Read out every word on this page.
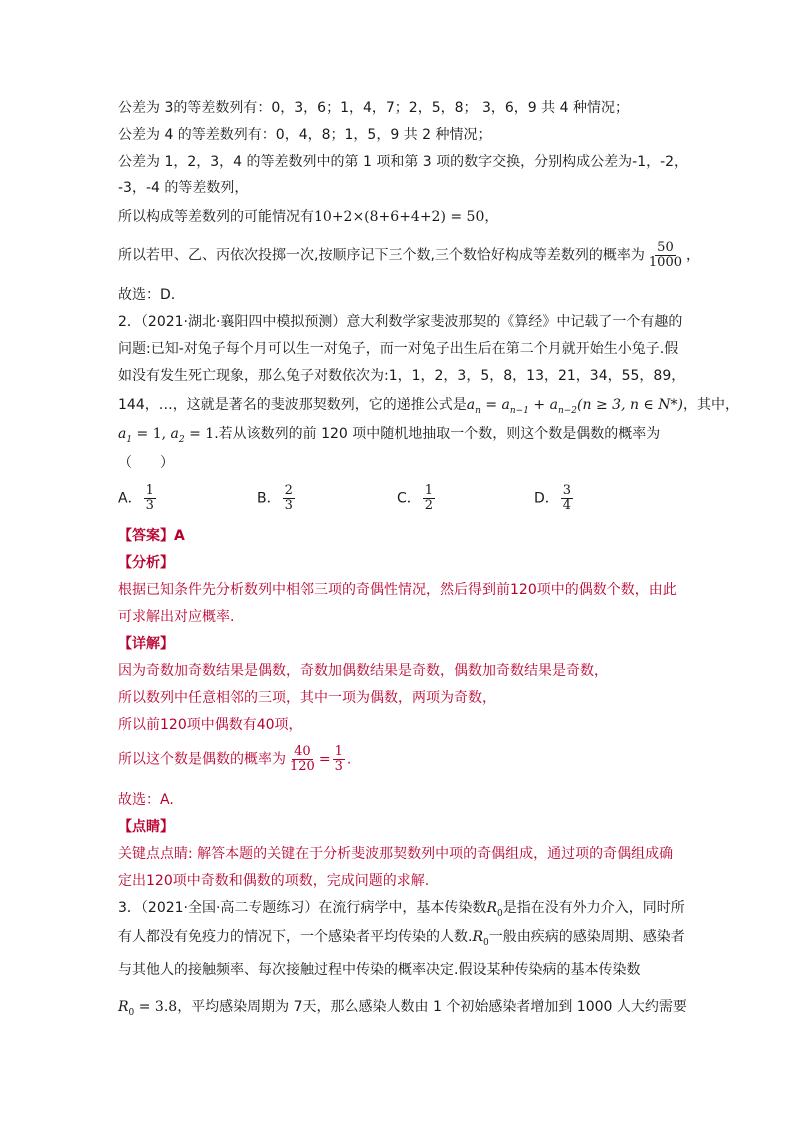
公差为 3的等差数列有：0，3，6；1，4，7；2，5，8； 3，6，9 共 4 种情况；
公差为 4 的等差数列有：0，4，8；1，5，9 共 2 种情况；
公差为 1，2，3，4 的等差数列中的第 1 项和第 3 项的数字交换，分别构成公差为-1，-2，
-3，-4 的等差数列，
所以构成等差数列的可能情况有10+2×(8+6+4+2) = 50，
所以若甲、乙、丙依次投掷一次,按顺序记下三个数,三个数恰好构成等差数列的概率为 $\frac{50}{1000}$ ，
故选：D.
2．（2021·湖北·襄阳四中模拟预测）意大利数学家斐波那契的《算经》中记载了一个有趣的
问题:已知-对兔子每个月可以生一对兔子，而一对兔子出生后在第二个月就开始生小兔子.假
如没有发生死亡现象，那么兔子对数依次为:1，1，2，3，5，8，13，21，34，55，89，
144，…，这就是著名的斐波那契数列，它的递推公式是$a_n = a_{n-1} + a_{n-2}(n \ge 3$, n ∈ N*)，其中，
$a_1 = 1$, $a_2 = 1$.若从该数列的前 120 项中随机地抽取一个数，则这个数是偶数的概率为
（　　）
A． $\frac{1}{3}$	B． $\frac{2}{3}$	C． $\frac{1}{2}$	D． $\frac{3}{4}$
【答案】A
【分析】
根据已知条件先分析数列中相邻三项的奇偶性情况，然后得到前120项中的偶数个数，由此
可求解出对应概率.
【详解】
因为奇数加奇数结果是偶数，奇数加偶数结果是奇数，偶数加奇数结果是奇数，
所以数列中任意相邻的三项，其中一项为偶数，两项为奇数，
所以前120项中偶数有40项，
所以这个数是偶数的概率为 $\frac{40}{120} = \frac{1}{3}$ .
故选：A.
【点睛】
关键点点睛: 解答本题的关键在于分析斐波那契数列中项的奇偶组成，通过项的奇偶组成确
定出120项中奇数和偶数的项数，完成问题的求解.
3．（2021·全国·高二专题练习）在流行病学中，基本传染数$R_0$是指在没有外力介入，同时所
有人都没有免疫力的情况下，一个感染者平均传染的人数$.R_0$一般由疾病的感染周期、感染者
与其他人的接触频率、每次接触过程中传染的概率决定.假设某种传染病的基本传染数
$R_0 = 3.8$，平均感染周期为 7天，那么感染人数由 1 个初始感染者增加到 1000 人大约需要
